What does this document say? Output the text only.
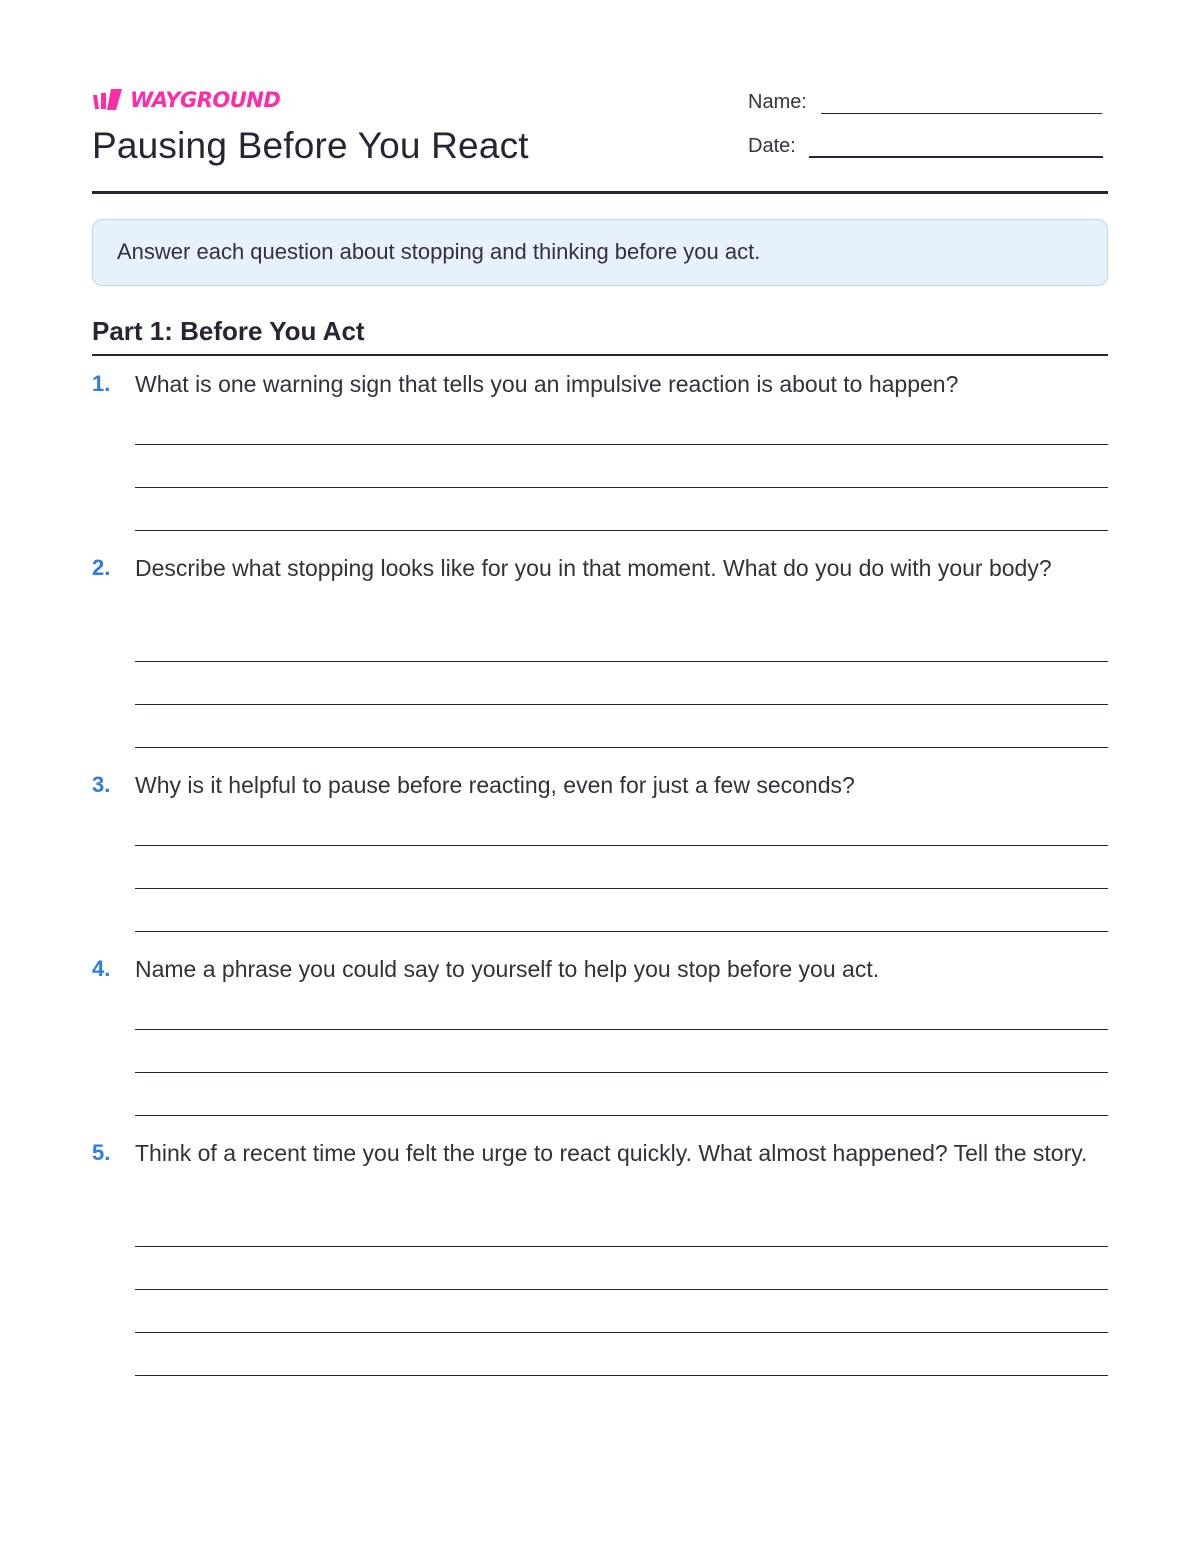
WAYGROUND
Pausing Before You React
Name:
Date:
Answer each question about stopping and thinking before you act.
Part 1: Before You Act
1. What is one warning sign that tells you an impulsive reaction is about to happen?
2. Describe what stopping looks like for you in that moment. What do you do with your body?
3. Why is it helpful to pause before reacting, even for just a few seconds?
4. Name a phrase you could say to yourself to help you stop before you act.
5. Think of a recent time you felt the urge to react quickly. What almost happened? Tell the story.
